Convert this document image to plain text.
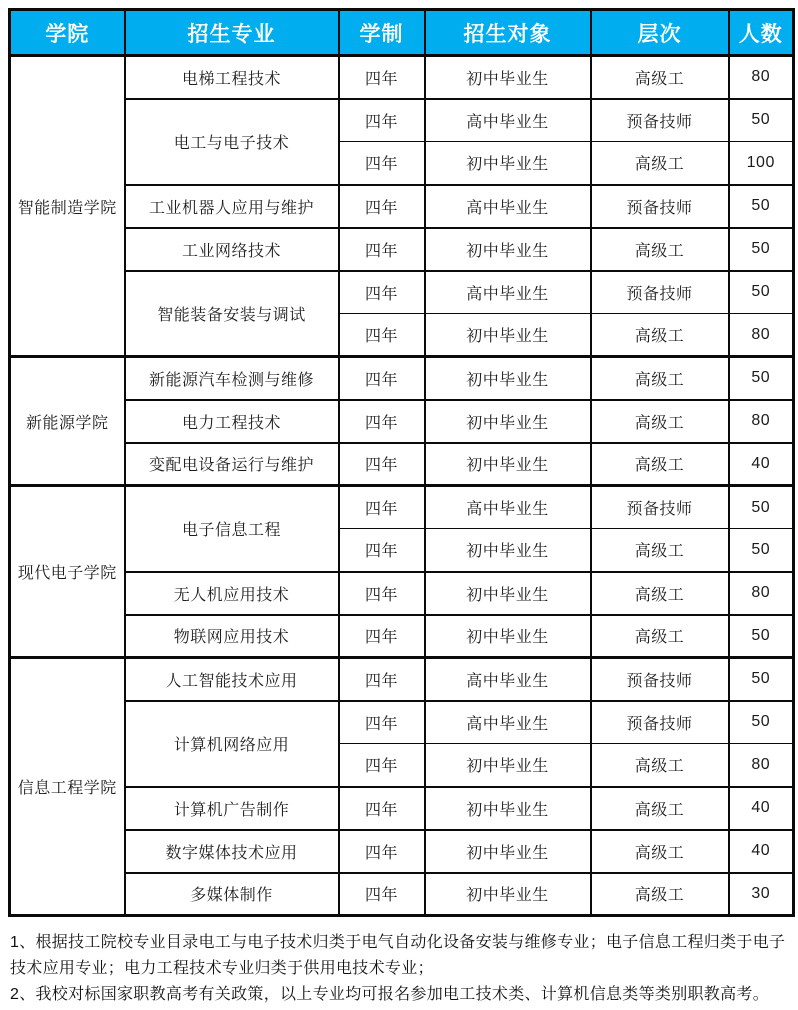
学院	招生专业	学制	招生对象	层次	人数
智能制造学院	电梯工程技术	四年	初中毕业生	高级工	80
	电工与电子技术	四年	高中毕业生	预备技师	50
		四年	初中毕业生	高级工	100
	工业机器人应用与维护	四年	高中毕业生	预备技师	50
	工业网络技术	四年	初中毕业生	高级工	50
	智能装备安装与调试	四年	高中毕业生	预备技师	50
		四年	初中毕业生	高级工	80
新能源学院	新能源汽车检测与维修	四年	初中毕业生	高级工	50
	电力工程技术	四年	初中毕业生	高级工	80
	变配电设备运行与维护	四年	初中毕业生	高级工	40
现代电子学院	电子信息工程	四年	高中毕业生	预备技师	50
		四年	初中毕业生	高级工	50
	无人机应用技术	四年	初中毕业生	高级工	80
	物联网应用技术	四年	初中毕业生	高级工	50
信息工程学院	人工智能技术应用	四年	高中毕业生	预备技师	50
	计算机网络应用	四年	高中毕业生	预备技师	50
		四年	初中毕业生	高级工	80
	计算机广告制作	四年	初中毕业生	高级工	40
	数字媒体技术应用	四年	初中毕业生	高级工	40
	多媒体制作	四年	初中毕业生	高级工	30

1、根据技工院校专业目录电工与电子技术归类于电气自动化设备安装与维修专业；电子信息工程归类于电子技术应用专业；电力工程技术专业归类于供用电技术专业；

2、我校对标国家职教高考有关政策，以上专业均可报名参加电工技术类、计算机信息类等类别职教高考。
